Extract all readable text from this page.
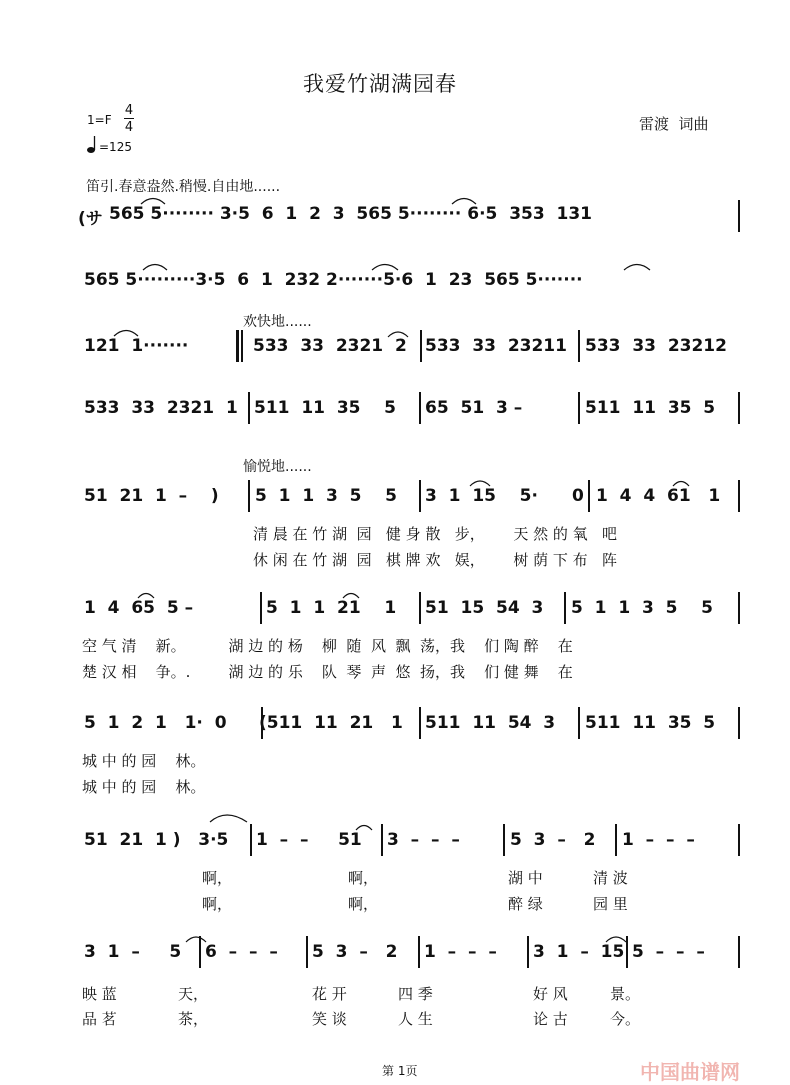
我爱竹湖满园春
1=F
4
4
=125
雷渡  词曲
笛引.春意盎然.稍慢.自由地......
(サ 565 5········ 3·5  6  1  2  3  565 5········ 6·5  353  131
565 5·········3·5  6  1  232 2·······5·6  1  23  565 5·······
欢快地......
121  1·······	533  33  2321  2 533  33  23211 533  33  23212
533  33  2321  1 511  11  35    5 65  51  3 –	511  11  35  5
愉悦地......
51  21  1  –    ) 5  1  1  3  5    5 3  1  15    5· 0 1  4  4  61   1
清 晨 在 竹 湖  园   健 身 散   步，      天 然 的 氧   吧
休 闲 在 竹 湖  园   棋 牌 欢   娱，      树 荫 下 布   阵
1  4  65  5 –	5  1  1  21    1 51  15  54  3 5  1  1  3  5    5
空 气 清    新。         湖 边 的 杨    柳  随  风  飘  荡，我    们 陶 醉    在
楚 汉 相    争。.        湖 边 的 乐    队  琴  声  悠  扬，我    们 健 舞    在
5  1  2  1   1·  0 (511  11  21   1 511  11  54  3 511  11  35  5
城 中 的 园    林。
城 中 的 园    林。
51  21  1 )   3·5 1  –  –     51 3  –  –  –	5  3  –   2 1  –  –  –
啊，	啊，	湖 中	清 波
啊，	啊，	醉 绿	园 里
3  1  –     5 6  –  –  – 5  3  –   2 1  –  –  – 3  1  –  15 5  –  –  –
映 蓝	天，	花 开	四 季	好 风	景。
品 茗	茶，	笑 谈	人 生	论 古	今。
第 1页	中国曲谱网
